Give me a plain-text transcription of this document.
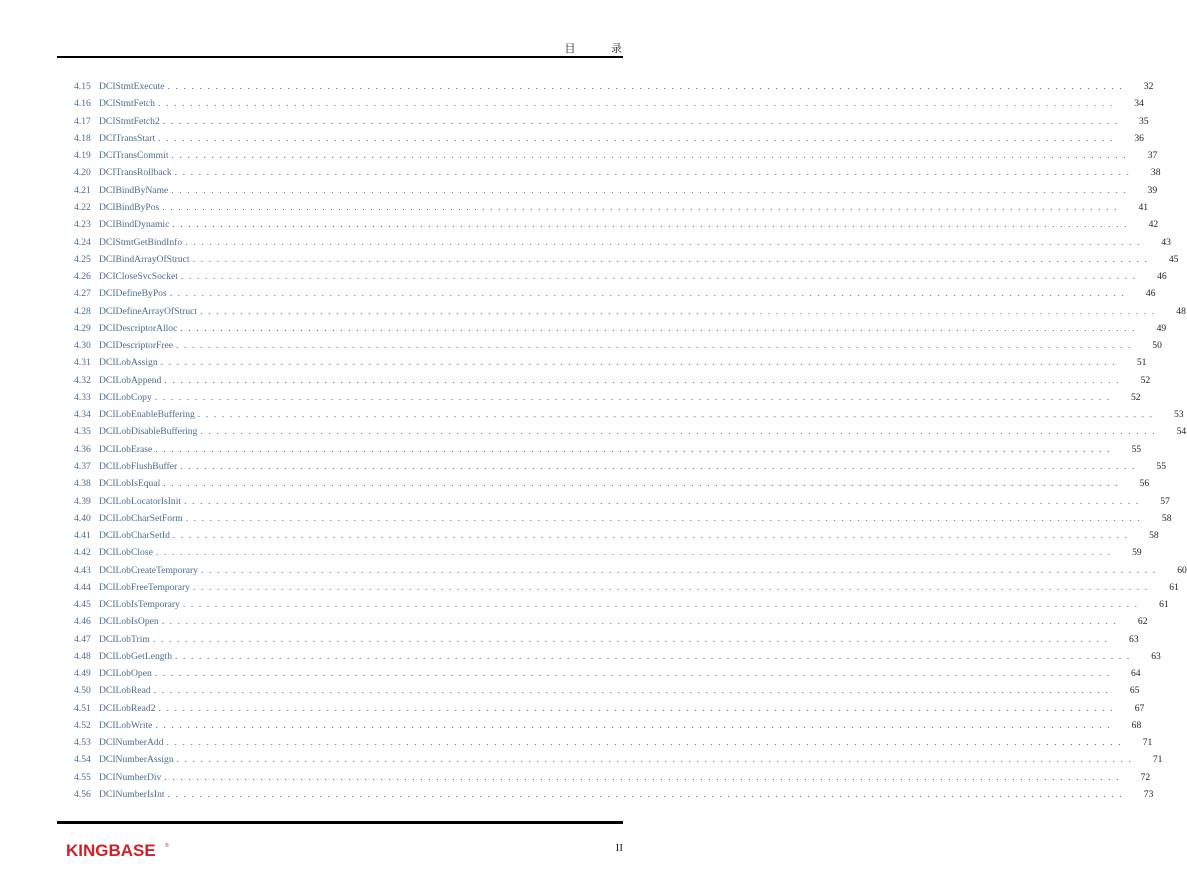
目 录
4.15 DCIStmtExecute ........................................................................................................................	32
4.16 DCIStmtFetch ........................................................................................................................	34
4.17 DCIStmtFetch2 ........................................................................................................................	35
4.18 DCITransStart ........................................................................................................................	36
4.19 DCITransCommit ........................................................................................................................	37
4.20 DCITransRollback ........................................................................................................................	38
4.21 DCIBindByName ........................................................................................................................	39
4.22 DCIBindByPos ........................................................................................................................	41
4.23 DCIBindDynamic ........................................................................................................................	42
4.24 DCIStmtGetBindInfo ........................................................................................................................	43
4.25 DCIBindArrayOfStruct ........................................................................................................................	45
4.26 DCICloseSvcSocket ........................................................................................................................	46
4.27 DCIDefineByPos ........................................................................................................................	46
4.28 DCIDefineArrayOfStruct ........................................................................................................................	48
4.29 DCIDescriptorAlloc ........................................................................................................................	49
4.30 DCIDescriptorFree ........................................................................................................................	50
4.31 DCILobAssign ........................................................................................................................	51
4.32 DCILobAppend ........................................................................................................................	52
4.33 DCILobCopy ........................................................................................................................	52
4.34 DCILobEnableBuffering ........................................................................................................................	53
4.35 DCILobDisableBuffering ........................................................................................................................	54
4.36 DCILobErase ........................................................................................................................	55
4.37 DCILobFlushBuffer ........................................................................................................................	55
4.38 DCILobIsEqual ........................................................................................................................	56
4.39 DCILobLocatorIsInit ........................................................................................................................	57
4.40 DCILobCharSetForm ........................................................................................................................	58
4.41 DCILobCharSetId ........................................................................................................................	58
4.42 DCILobClose ........................................................................................................................	59
4.43 DCILobCreateTemporary ........................................................................................................................	60
4.44 DCILobFreeTemporary ........................................................................................................................	61
4.45 DCILobIsTemporary ........................................................................................................................	61
4.46 DCILobIsOpen ........................................................................................................................	62
4.47 DCILobTrim ........................................................................................................................	63
4.48 DCILobGetLength ........................................................................................................................	63
4.49 DCILobOpen ........................................................................................................................	64
4.50 DCILobRead ........................................................................................................................	65
4.51 DCILobRead2 ........................................................................................................................	67
4.52 DCILobWrite ........................................................................................................................	68
4.53 DCINumberAdd ........................................................................................................................	71
4.54 DCINumberAssign ........................................................................................................................	71
4.55 DCINumberDiv ........................................................................................................................	72
4.56 DCINumberIsInt ........................................................................................................................	73
KINGBASE ®	II
